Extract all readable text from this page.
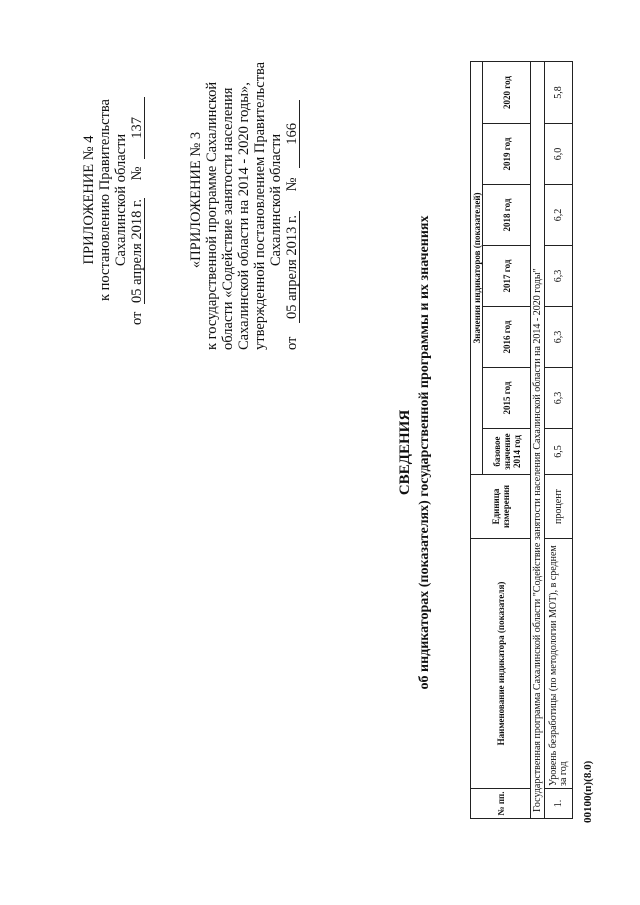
ПРИЛОЖЕНИЕ № 4 к постановлению Правительства Сахалинской области
от 05 апреля 2018 г. № 137
«ПРИЛОЖЕНИЕ № 3 к государственной программе Сахалинской области «Содействие занятости населения Сахалинской области на 2014 - 2020 годы», утвержденной постановлением Правительства Сахалинской области
от 05 апреля 2013 г. № 166
СВЕДЕНИЯ об индикаторах (показателях) государственной программы и их значениях
№ пп.	Наименование индикатора (показателя)	Единица измерения	Значения индикаторов (показателей)						
			базовое значение 2014 год	2015 год	2016 год	2017 год	2018 год	2019 год	2020 год
Государственная программа Сахалинской области "Содействие занятости населения Сахалинской области на 2014 - 2020 годы"									
1.	Уровень безработицы (по методологии МОТ), в среднем за год	процент	6,5	6,3	6,3	6,3	6,2	6,0	5,8
00100(п)(8.0)
